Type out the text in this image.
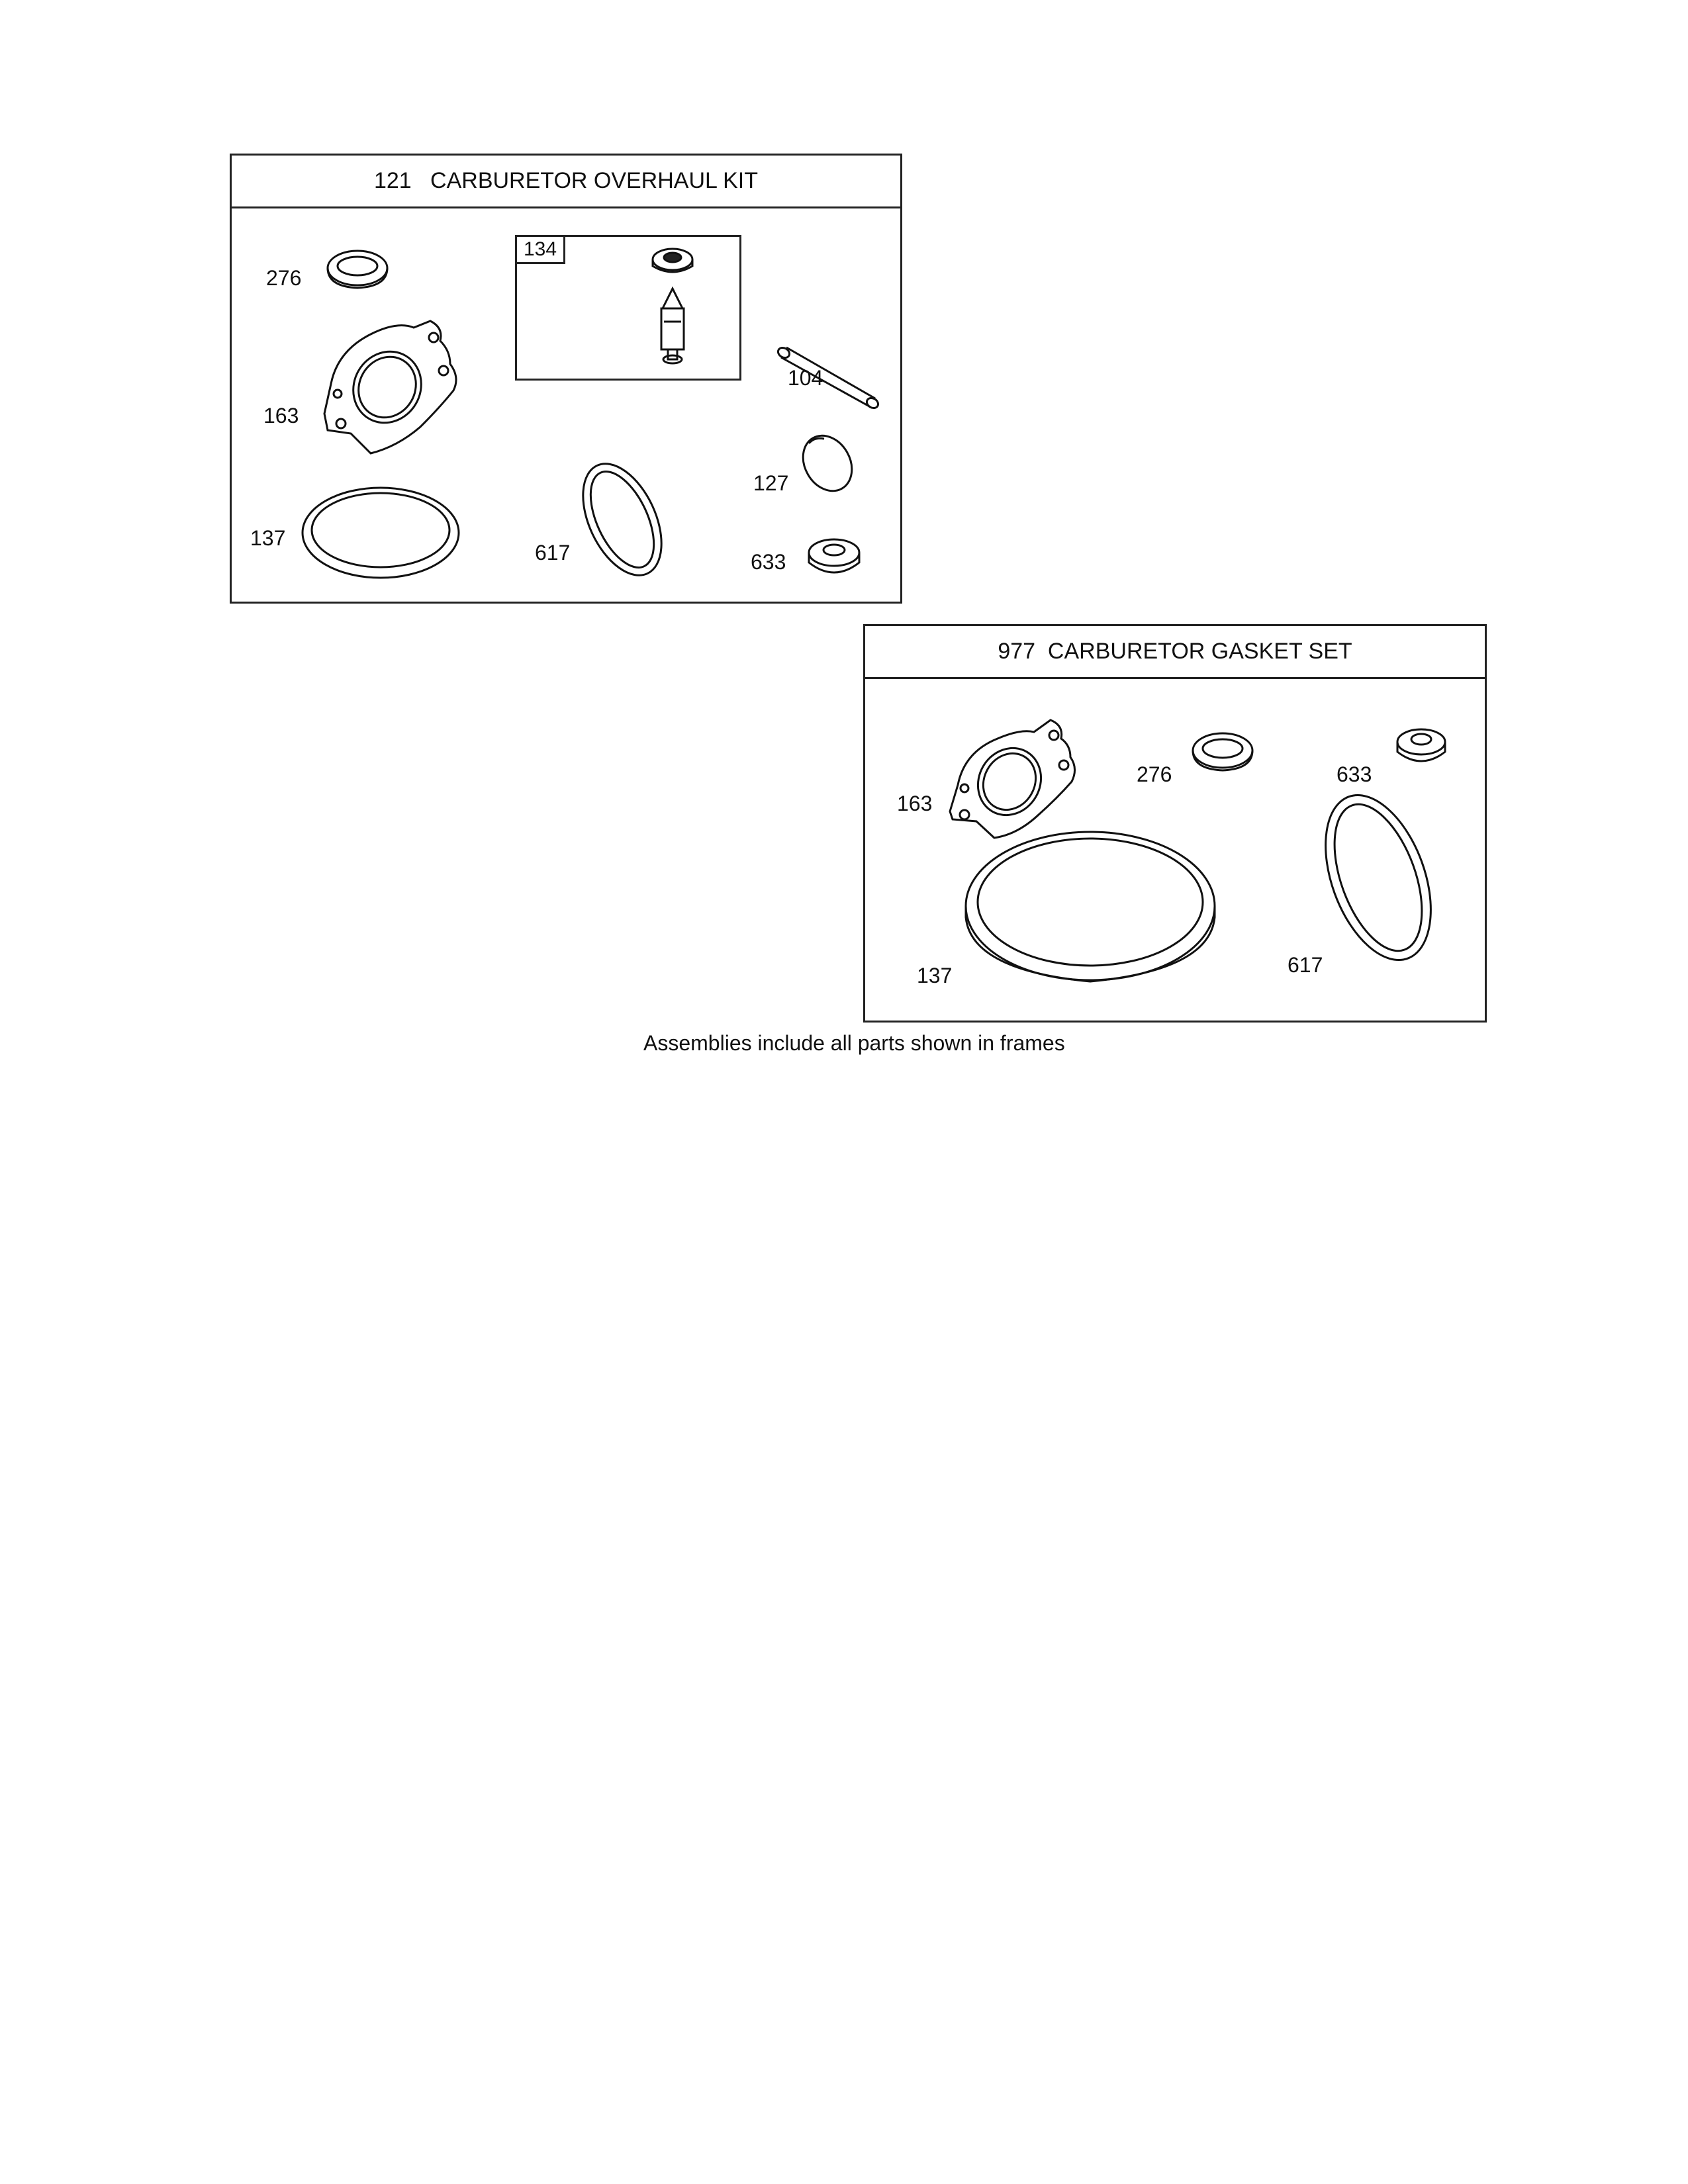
121   CARBURETOR OVERHAUL KIT
276
104
163
127
137
617	633
134
977  CARBURETOR GASKET SET
163
276	633
137	617
Assemblies include all parts shown in frames
